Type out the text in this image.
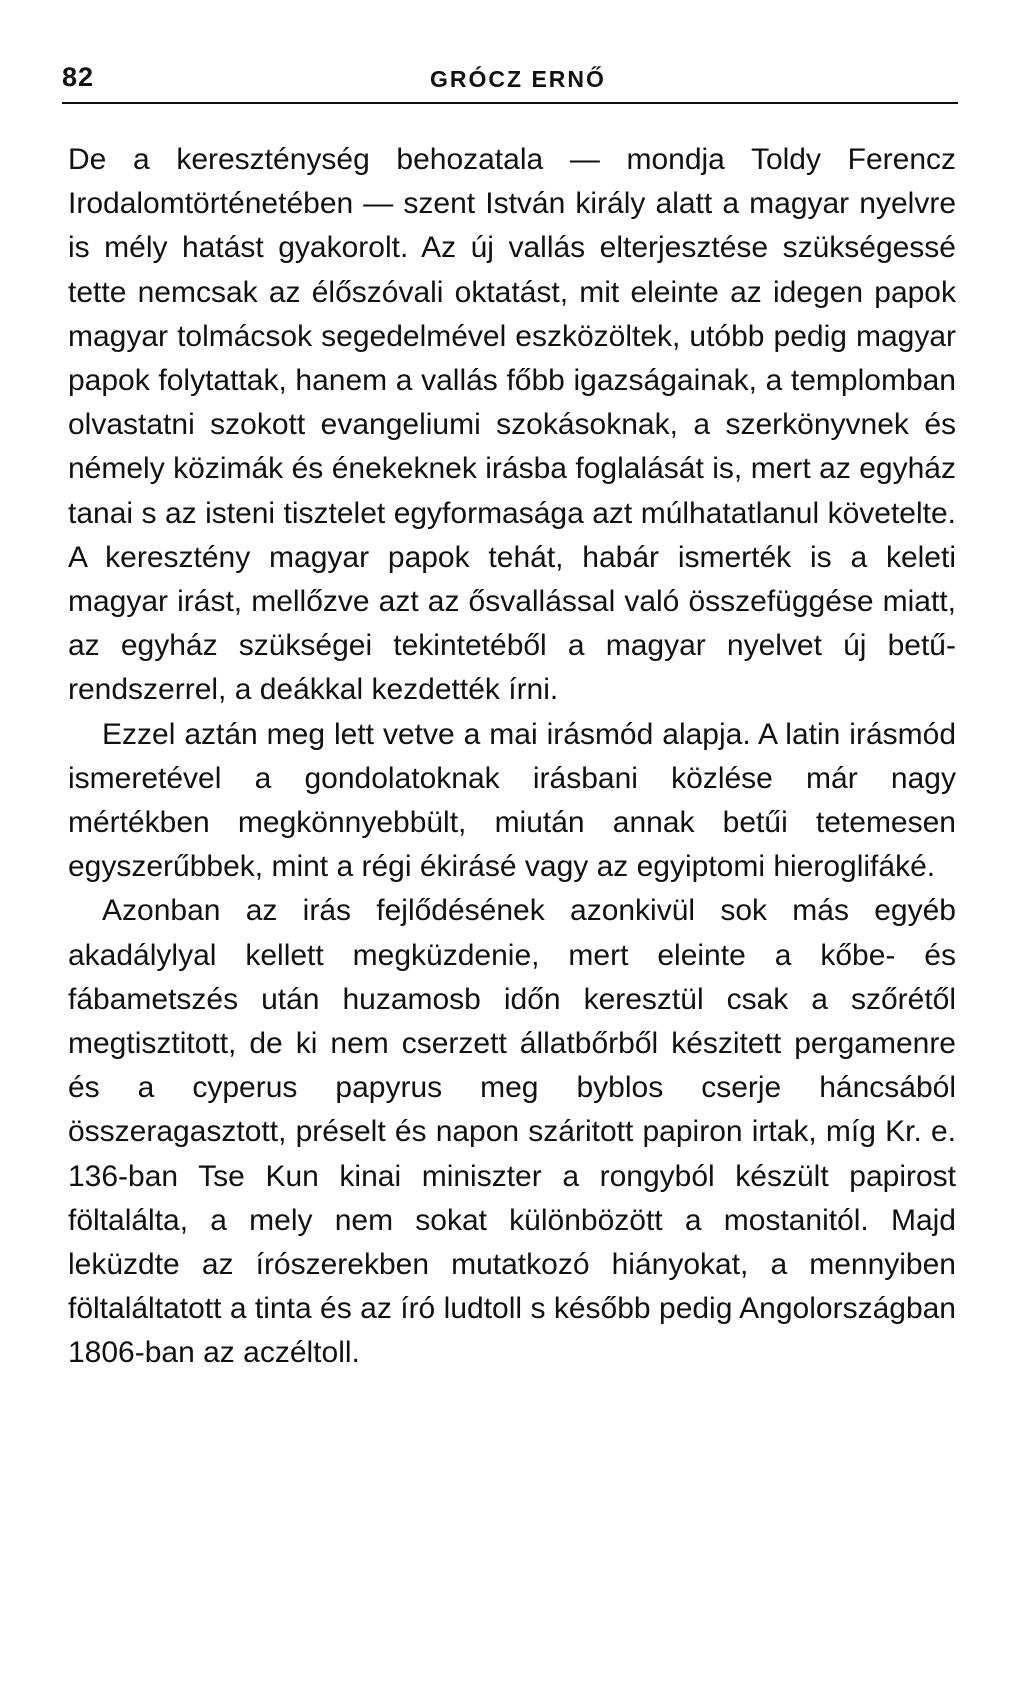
82	GRÓCZ ERNŐ

De a kereszténység behozatala — mondja Toldy Ferencz Irodalomtörténetében — szent István király alatt a magyar nyelvre is mély hatást gyakorolt. Az új vallás elterjesztése szükségessé tette nemcsak az élőszóvali oktatást, mit eleinte az idegen papok magyar tolmácsok segedelmével eszközöltek, utóbb pedig magyar papok folytattak, hanem a vallás főbb igazságainak, a templomban olvastatni szokott evangeliumi szokásoknak, a szerkönyvnek és némely közimák és énekeknek irásba foglalását is, mert az egyház tanai s az isteni tisztelet egyformasága azt múlhatatlanul követelte. A keresztény magyar papok tehát, habár ismerték is a keleti magyar irást, mellőzve azt az ősvallással való összefüggése miatt, az egyház szükségei tekintetéből a magyar nyelvet új betűrendszerrel, a deákkal kezdették írni.

Ezzel aztán meg lett vetve a mai irásmód alapja. A latin irásmód ismeretével a gondolatoknak irásbani közlése már nagy mértékben megkönnyebbült, miután annak betűi tetemesen egyszerűbbek, mint a régi ékirásé vagy az egyiptomi hieroglifáké.

Azonban az irás fejlődésének azonkivül sok más egyéb akadálylyal kellett megküzdenie, mert eleinte a kőbe- és fábametszés után huzamosb időn keresztül csak a szőrétől megtisztitott, de ki nem cserzett állatbőrből készitett pergamenre és a cyperus papyrus meg byblos cserje háncsából összeragasztott, préselt és napon száritott papiron irtak, míg Kr. e. 136-ban Tse Kun kinai miniszter a rongyból készült papirost föltalálta, a mely nem sokat különbözött a mostanitól. Majd leküzdte az írószerekben mutatkozó hiányokat, a mennyiben föltaláltatott a tinta és az író ludtoll s később pedig Angolországban 1806-ban az aczéltoll.
